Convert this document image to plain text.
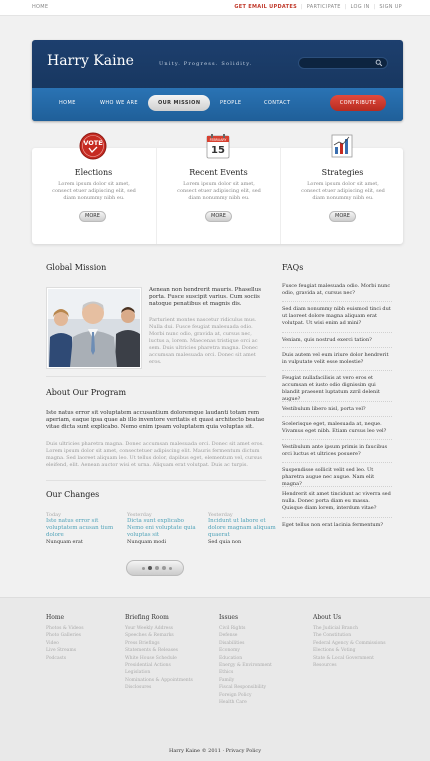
HOME	GET EMAIL UPDATES | PARTICIPATE | LOG IN | SIGN UP
Harry Kaine	Unity. Progress. Solidity.
HOME	WHO WE ARE	OUR MISSION	PEOPLE	CONTACT	CONTRIBUTE
VOTE
Elections
Lorem ipsum dolor sit amet, consect etuer adipiscing elit, sed diam nonummy nibh eu.
MORE
FEBRUARY
15
Recent Events
Lorem ipsum dolor sit amet, consect etuer adipiscing elit, sed diam nonummy nibh eu.
MORE
Strategies
Lorem ipsum dolor sit amet, consect etuer adipiscing elit, sed diam nonummy nibh eu.
MORE
Global Mission
Aenean non hendrerit mauris. Phasellus porta. Fusce suscipit varius. Cum sociis natoque penatibus et magnis dis.
Parturient montes nascetur ridiculus mus. Nulla dui. Fusce feugiat malesuada odio. Morbi nunc odio, gravida at, cursus nec, luctus a, lorem. Maecenas tristique orci ac sem. Duis ultricies pharetra magna. Donec accumsan malesuada orci. Donec sit amet eros.
About Our Program
Iste natus error sit voluptatem accusantium doloremque laudanti totam rem aperiam, eaque ipsa quae ab illo inventore veritatis et quasi architecto beatae vitae dicta sunt explicabo. Nemo enim ipsam voluptatem quia voluptas sit.
Duis ultricies pharetra magna. Donec accumsan malesuada orci. Donec sit amet eros. Lorem ipsum dolor sit amet, consectetuer adipiscing elit. Mauris fermentum dictum magna. Sed laoreet aliquam leo. Ut tellus dolor, dapibus eget, elementum vel, cursus eleifend, elit. Aenean auctor wisi et urna. Aliquam erat volutpat. Duis ac turpis.
Our Changes
Today
Iste natus error sit voluptatem acusan tium dolore
Nunquam erat
Yesterday
Dicta sunt explicabo Nemo eni voluptate quia voluptas sit
Nunquam modi
Yesterday
Incidunt ut labore et dolore magnam aliquam quaerat
Sed quia non
FAQs
Fusce feugiat malesuada odio. Morbi nunc odio, gravida at, cursus nec?
Sed diam nonummy nibh euismod tinci dut ut laoreet dolore magna aliquam erat volutpat. Ut wisi enim ad mini?
Veniam, quis nostrud exerci tation?
Duis autem vel eum iriure dolor hendrerit in vulputate velit esse molestie?
Feugiat nullafacilisis at vero eros et accumsan et iusto odio dignissim qui blandit praesent luptatum zzril delenit augue?
Vestibulum libero nisl, porta vel?
Scelerisque eget, malesuada at, neque. Vivamus eget nibh. Etiam cursus leo vel?
Vestibulum ante ipsum primis in faucibus orci luctus et ultrices posuere?
Suspendisse sollicit velit sed leo. Ut pharetra augue nec augue. Nam elit magna?
Hendrerit sit amet tincidunt ac viverra sed nulla. Donec porta diam eu massa. Quisque diam lorem, interdum vitae?
Eget tellus non erat lacinia fermentum?
Home
Photos & Videos
Photo Galleries
Video
Live Streams
Podcasts
Briefing Room
Your Weekly Address
Speeches & Remarks
Press Briefings
Statements & Releases
White House Schedule
Presidential Actions
Legislation
Nominations & Appointments
Disclosures
Issues
Civil Rights
Defense
Disabilities
Economy
Education
Energy & Environment
Ethics
Family
Fiscal Responsibility
Foreign Policy
Health Care
About Us
The Judicial Branch
The Constitution
Federal Agency & Commissions
Elections & Voting
State & Local Government
Resources
Harry Kaine © 2011 · Privacy Policy
